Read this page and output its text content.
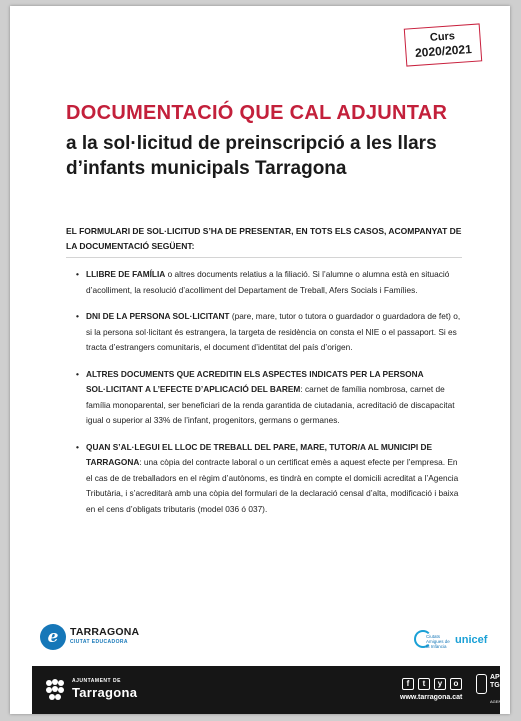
Curs
2020/2021
DOCUMENTACIÓ QUE CAL ADJUNTAR
a la sol·licitud de preinscripció a les llars d’infants municipals Tarragona
EL FORMULARI DE SOL·LICITUD S’HA DE PRESENTAR, EN TOTS ELS CASOS, ACOMPANYAT DE LA DOCUMENTACIÓ SEGÜENT:
• LLIBRE DE FAMÍLIA o altres documents relatius a la filiació. Si l’alumne o alumna està en situació d’acolliment, la resolució d’acolliment del Departament de Treball, Afers Socials i Famílies.
• DNI DE LA PERSONA SOL·LICITANT (pare, mare, tutor o tutora o guardador o guardadora de fet) o, si la persona sol·licitant és estrangera, la targeta de residència on consta el NIE o el passaport. Si es tracta d’estrangers comunitaris, el document d’identitat del país d’origen.
• ALTRES DOCUMENTS QUE ACREDITIN ELS ASPECTES INDICATS PER LA PERSONA SOL·LICITANT A L’EFECTE D’APLICACIÓ DEL BAREM: carnet de família nombrosa, carnet de família monoparental, ser beneficiari de la renda garantida de ciutadania, acreditació de discapacitat igual o superior al 33% de l’infant, progenitors, germans o germanes.
• QUAN S’AL·LEGUI EL LLOC DE TREBALL DEL PARE, MARE, TUTOR/A AL MUNICIPI DE TARRAGONA: una còpia del contracte laboral o un certificat emès a aquest efecte per l’empresa. En el cas de de treballadors en el règim d’autònoms, es tindrà en compte el domicili acreditat a l’Agencia Tributària, i s’acreditarà amb una còpia del formulari de la declaració censal d’alta, modificació i baixa en el cens d’obligats tributaris (model 036 ó 037).
e	TARRAGONA
CIUTAT EDUCADORA
Ciutats Amigues de la Infància
unicef
AJUNTAMENT DE
Tarragona
f	t	y	o
www.tarragona.cat
APP TGN
AGENDA
